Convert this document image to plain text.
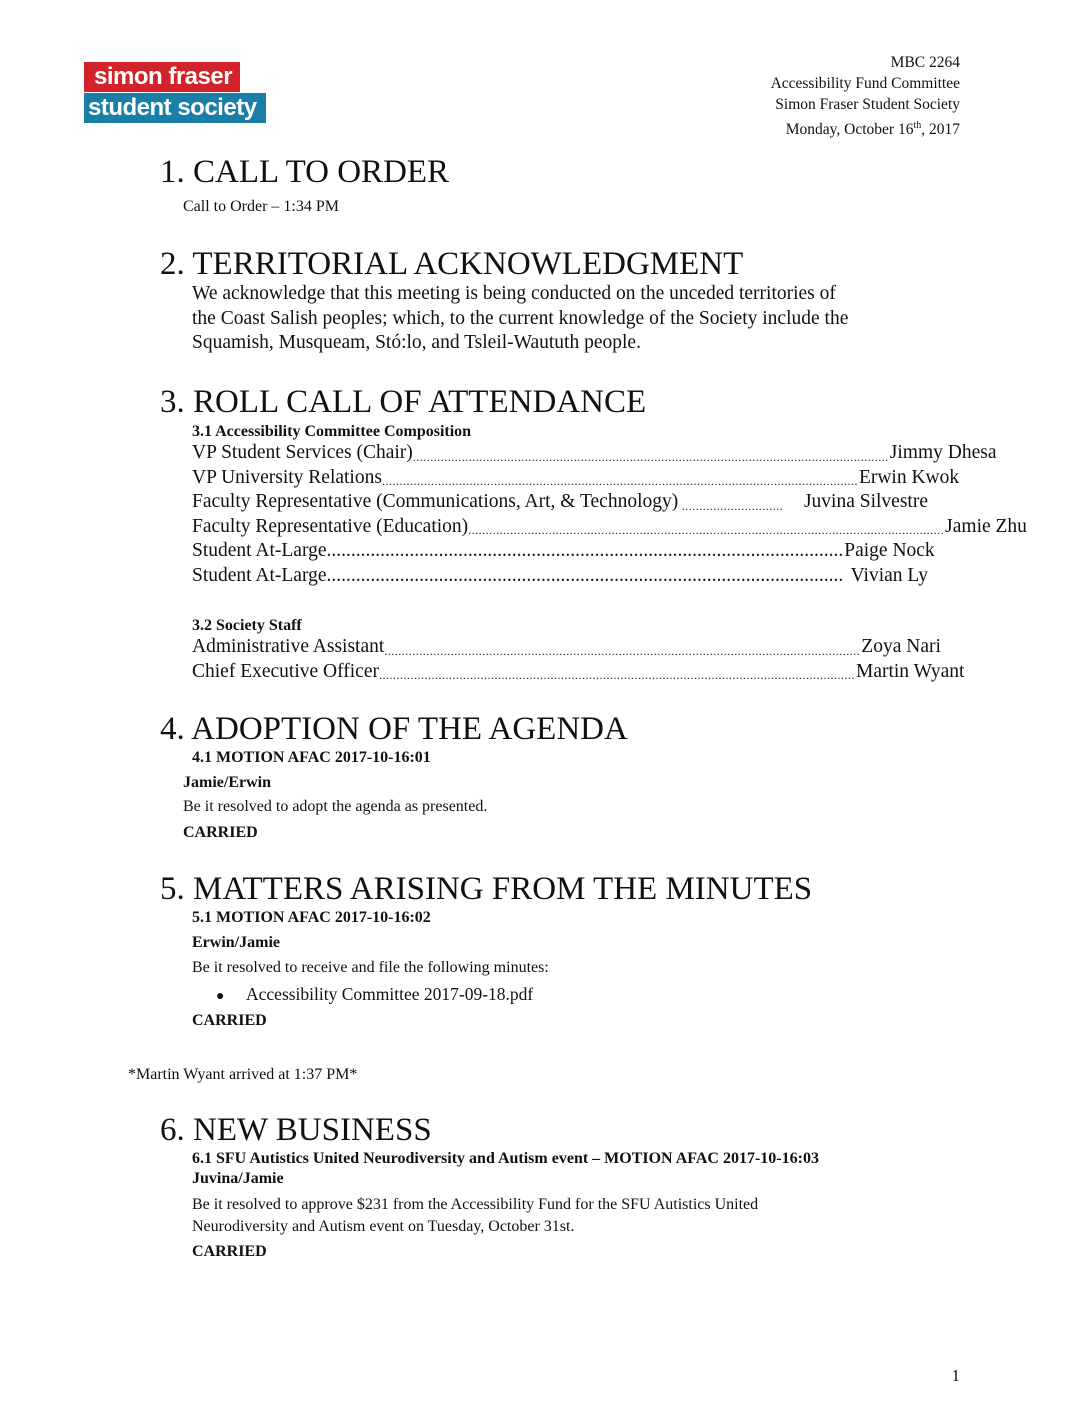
simon fraser
student society
MBC 2264
Accessibility Fund Committee
Simon Fraser Student Society
Monday, October 16th, 2017
1. CALL TO ORDER
Call to Order – 1:34 PM
2. TERRITORIAL ACKNOWLEDGMENT
We acknowledge that this meeting is being conducted on the unceded territories of
the Coast Salish peoples; which, to the current knowledge of the Society include the
Squamish, Musqueam, Stó:lo, and Tsleil-Waututh people.
3. ROLL CALL OF ATTENDANCE
3.1 Accessibility Committee Composition
VP Student Services (Chair) ........................................................................................................................................ Jimmy Dhesa
VP University Relations ........................................................................................................................................ Erwin Kwok
Faculty Representative (Communications, Art, & Technology) .............................	Juvina Silvestre
Faculty Representative (Education) ........................................................................................................................................ Jamie Zhu
Student At-Large .......................................................................................................... Paige Nock
Student At-Large .......................................................................................................... Vivian Ly
3.2 Society Staff
Administrative Assistant ........................................................................................................................................ Zoya Nari
Chief Executive Officer ........................................................................................................................................ Martin Wyant
4. ADOPTION OF THE AGENDA
4.1 MOTION AFAC 2017-10-16:01
Jamie/Erwin
Be it resolved to adopt the agenda as presented.
CARRIED
5. MATTERS ARISING FROM THE MINUTES
5.1 MOTION AFAC 2017-10-16:02
Erwin/Jamie
Be it resolved to receive and file the following minutes:
●	Accessibility Committee 2017-09-18.pdf
CARRIED
*Martin Wyant arrived at 1:37 PM*
6. NEW BUSINESS
6.1 SFU Autistics United Neurodiversity and Autism event – MOTION AFAC 2017-10-16:03
Juvina/Jamie
Be it resolved to approve $231 from the Accessibility Fund for the SFU Autistics United
Neurodiversity and Autism event on Tuesday, October 31st.
CARRIED
1
